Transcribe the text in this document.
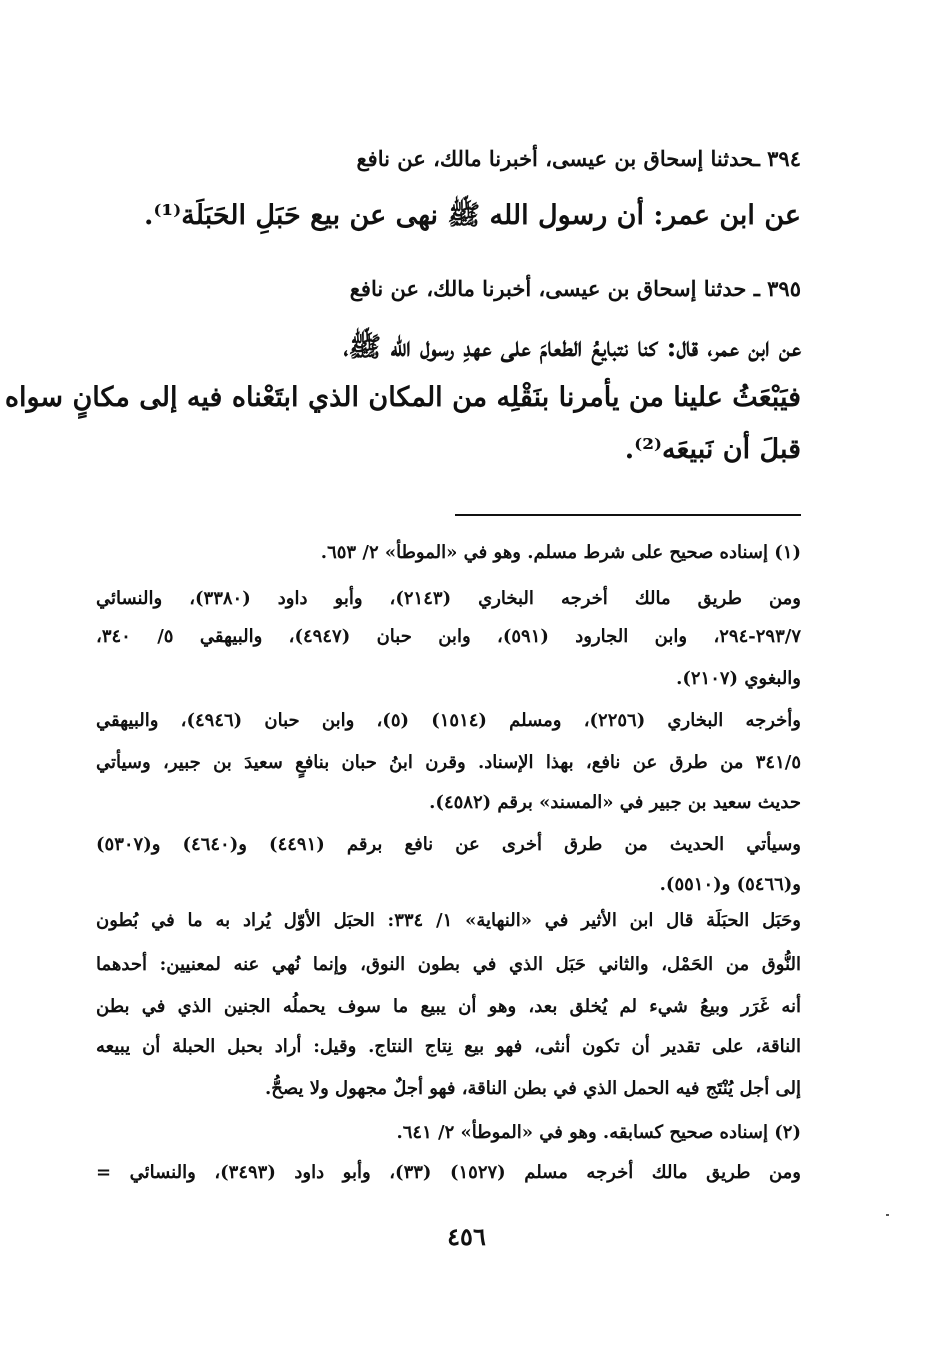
٣٩٤ ـحدثنا إسحاق بن عيسى، أخبرنا مالك، عن نافع
عن ابن عمر: أن رسول الله ﷺ نهى عن بيع حَبَلِ الحَبَلَة⁽¹⁾.
٣٩٥ ـ حدثنا إسحاق بن عيسى، أخبرنا مالك، عن نافع
عن ابن عمر، قال: كنا نتبايعُ الطعامَ على عهدِ رسول الله ﷺ،
فيَبْعَثُ علينا من يأمرنا بنَقْلِه من المكان الذي ابتَعْناه فيه إلى مكانٍ سواه
قبلَ أن نَبيعَه⁽²⁾.
(١) إسناده صحيح على شرط مسلم. وهو في «الموطأ» ٢/ ٦٥٣.
ومن طريق مالك أخرجه البخاري (٢١٤٣)، وأبو داود (٣٣٨٠)، والنسائي
٢٩٣/٧-٢٩٤، وابن الجارود (٥٩١)، وابن حبان (٤٩٤٧)، والبيهقي ٥/ ٣٤٠،
والبغوي (٢١٠٧).
وأخرجه البخاري (٢٢٥٦)، ومسلم (١٥١٤) (٥)، وابن حبان (٤٩٤٦)، والبيهقي
٣٤١/٥ من طرق عن نافع، بهذا الإسناد. وقرن ابنُ حبان بنافعٍ سعيدَ بن جبير، وسيأتي
حديث سعيد بن جبير في «المسند» برقم (٤٥٨٢).
وسيأتي الحديث من طرق أخرى عن نافع برقم (٤٤٩١) و(٤٦٤٠) و(٥٣٠٧)
و(٥٤٦٦) و(٥٥١٠).
وحَبَل الحبَلَة قال ابن الأثير في «النهاية» ١/ ٣٣٤: الحبَل الأوّل يُراد به ما في بُطون
النُّوق من الحَمْل، والثاني حَبَل الذي في بطون النوق، وإنما نُهي عنه لمعنيين: أحدهما
أنه غَرَر وبيعُ شيء لم يُخلق بعد، وهو أن يبيع ما سوف يحملُه الجنين الذي في بطن
الناقة، على تقدير أن تكون أنثى، فهو بيع نِتاج النتاج. وقيل: أراد بحبل الحبلة أن يبيعه
إلى أجل يُنْتَج فيه الحمل الذي في بطن الناقة، فهو أجلٌ مجهول ولا يصحُّ.
(٢) إسناده صحيح كسابقه. وهو في «الموطأ» ٢/ ٦٤١.
ومن طريق مالك أخرجه مسلم (١٥٢٧) (٣٣)، وأبو داود (٣٤٩٣)، والنسائي =
٤٥٦
